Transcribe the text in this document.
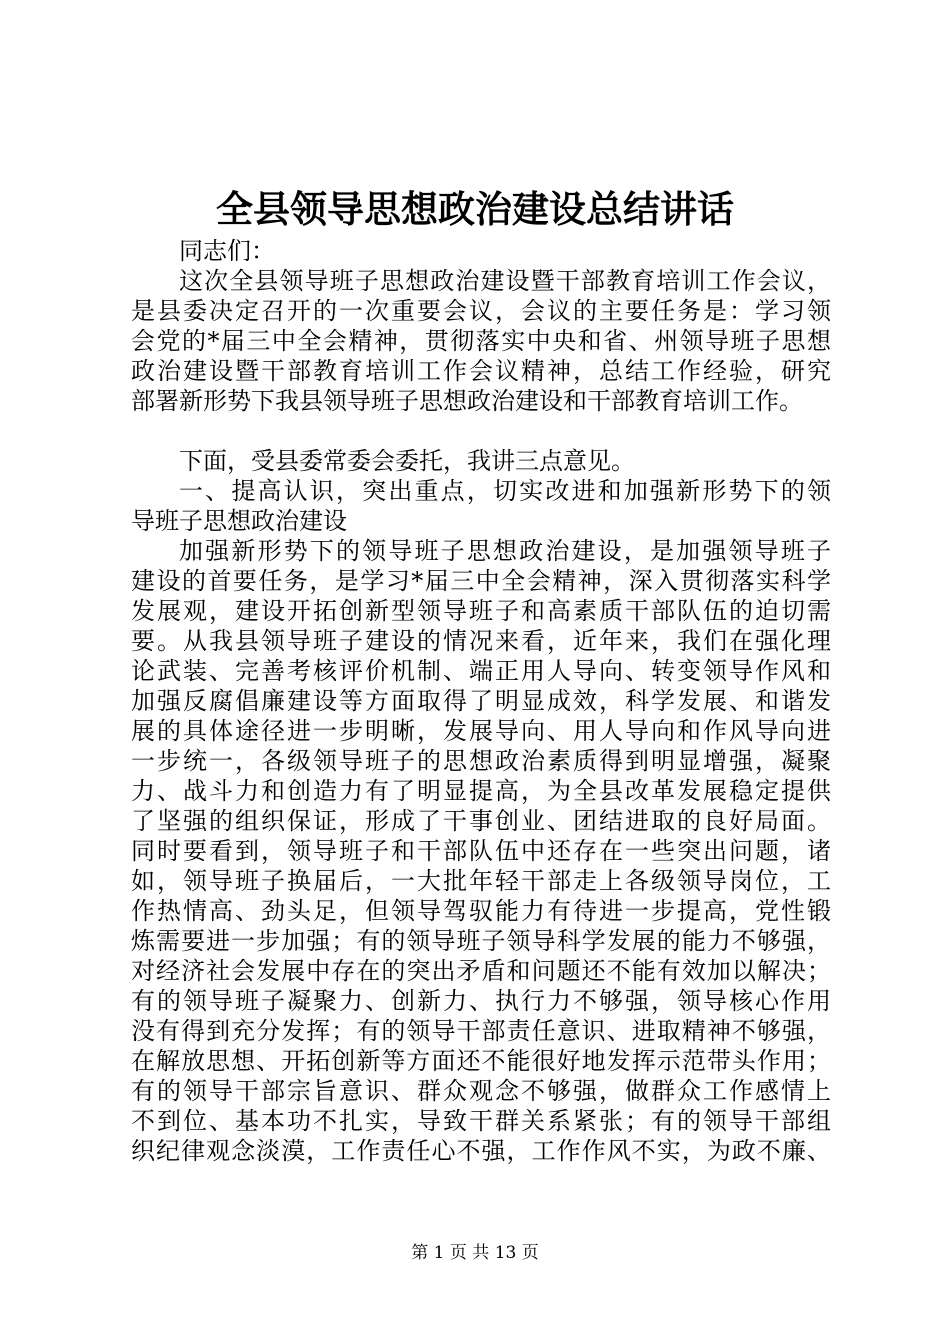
全县领导思想政治建设总结讲话
同志们：
这次全县领导班子思想政治建设暨干部教育培训工作会议，
是县委决定召开的一次重要会议，会议的主要任务是：学习领
会党的*届三中全会精神，贯彻落实中央和省、州领导班子思想
政治建设暨干部教育培训工作会议精神，总结工作经验，研究
部署新形势下我县领导班子思想政治建设和干部教育培训工作。
下面，受县委常委会委托，我讲三点意见。
一、提高认识，突出重点，切实改进和加强新形势下的领
导班子思想政治建设
加强新形势下的领导班子思想政治建设，是加强领导班子
建设的首要任务，是学习*届三中全会精神，深入贯彻落实科学
发展观，建设开拓创新型领导班子和高素质干部队伍的迫切需
要。从我县领导班子建设的情况来看，近年来，我们在强化理
论武装、完善考核评价机制、端正用人导向、转变领导作风和
加强反腐倡廉建设等方面取得了明显成效，科学发展、和谐发
展的具体途径进一步明晰，发展导向、用人导向和作风导向进
一步统一，各级领导班子的思想政治素质得到明显增强，凝聚
力、战斗力和创造力有了明显提高，为全县改革发展稳定提供
了坚强的组织保证，形成了干事创业、团结进取的良好局面。
同时要看到，领导班子和干部队伍中还存在一些突出问题，诸
如，领导班子换届后，一大批年轻干部走上各级领导岗位，工
作热情高、劲头足，但领导驾驭能力有待进一步提高，党性锻
炼需要进一步加强；有的领导班子领导科学发展的能力不够强，
对经济社会发展中存在的突出矛盾和问题还不能有效加以解决；
有的领导班子凝聚力、创新力、执行力不够强，领导核心作用
没有得到充分发挥；有的领导干部责任意识、进取精神不够强，
在解放思想、开拓创新等方面还不能很好地发挥示范带头作用；
有的领导干部宗旨意识、群众观念不够强，做群众工作感情上
不到位、基本功不扎实，导致干群关系紧张；有的领导干部组
织纪律观念淡漠，工作责任心不强，工作作风不实，为政不廉、
第 1 页 共 13 页
